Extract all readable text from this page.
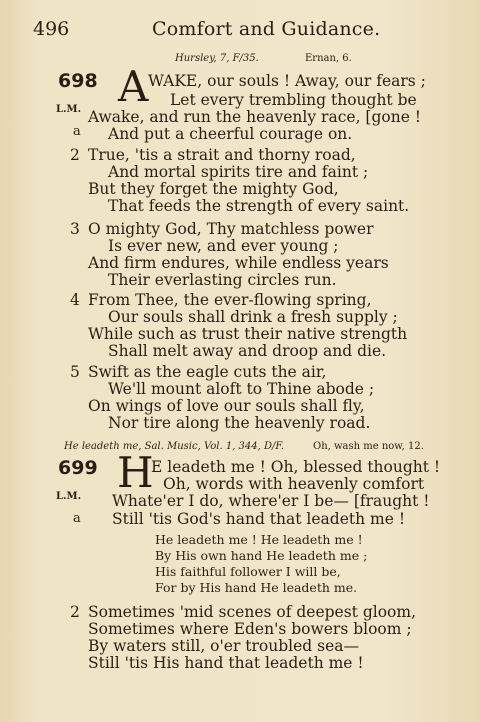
496	Comfort and Guidance.
Hursley, 7, F/35.	Ernan, 6.
698
L.M.
a
A WAKE, our souls ! Away, our fears ;
Let every trembling thought be
Awake, and run the heavenly race, [gone !
And put a cheerful courage on.
2 True, 'tis a strait and thorny road,
And mortal spirits tire and faint ;
But they forget the mighty God,
That feeds the strength of every saint.
3 O mighty God, Thy matchless power
Is ever new, and ever young ;
And firm endures, while endless years
Their everlasting circles run.
4 From Thee, the ever-flowing spring,
Our souls shall drink a fresh supply ;
While such as trust their native strength
Shall melt away and droop and die.
5 Swift as the eagle cuts the air,
We'll mount aloft to Thine abode ;
On wings of love our souls shall fly,
Nor tire along the heavenly road.
He leadeth me, Sal. Music, Vol. 1, 344, D/F.	Oh, wash me now, 12.
699
L.M.
a
H
E leadeth me ! Oh, blessed thought !
Oh, words with heavenly comfort
Whate'er I do, where'er I be— [fraught !
Still 'tis God's hand that leadeth me !
He leadeth me ! He leadeth me !
By His own hand He leadeth me ;
His faithful follower I will be,
For by His hand He leadeth me.
2 Sometimes 'mid scenes of deepest gloom,
Sometimes where Eden's bowers bloom ;
By waters still, o'er troubled sea—
Still 'tis His hand that leadeth me !
